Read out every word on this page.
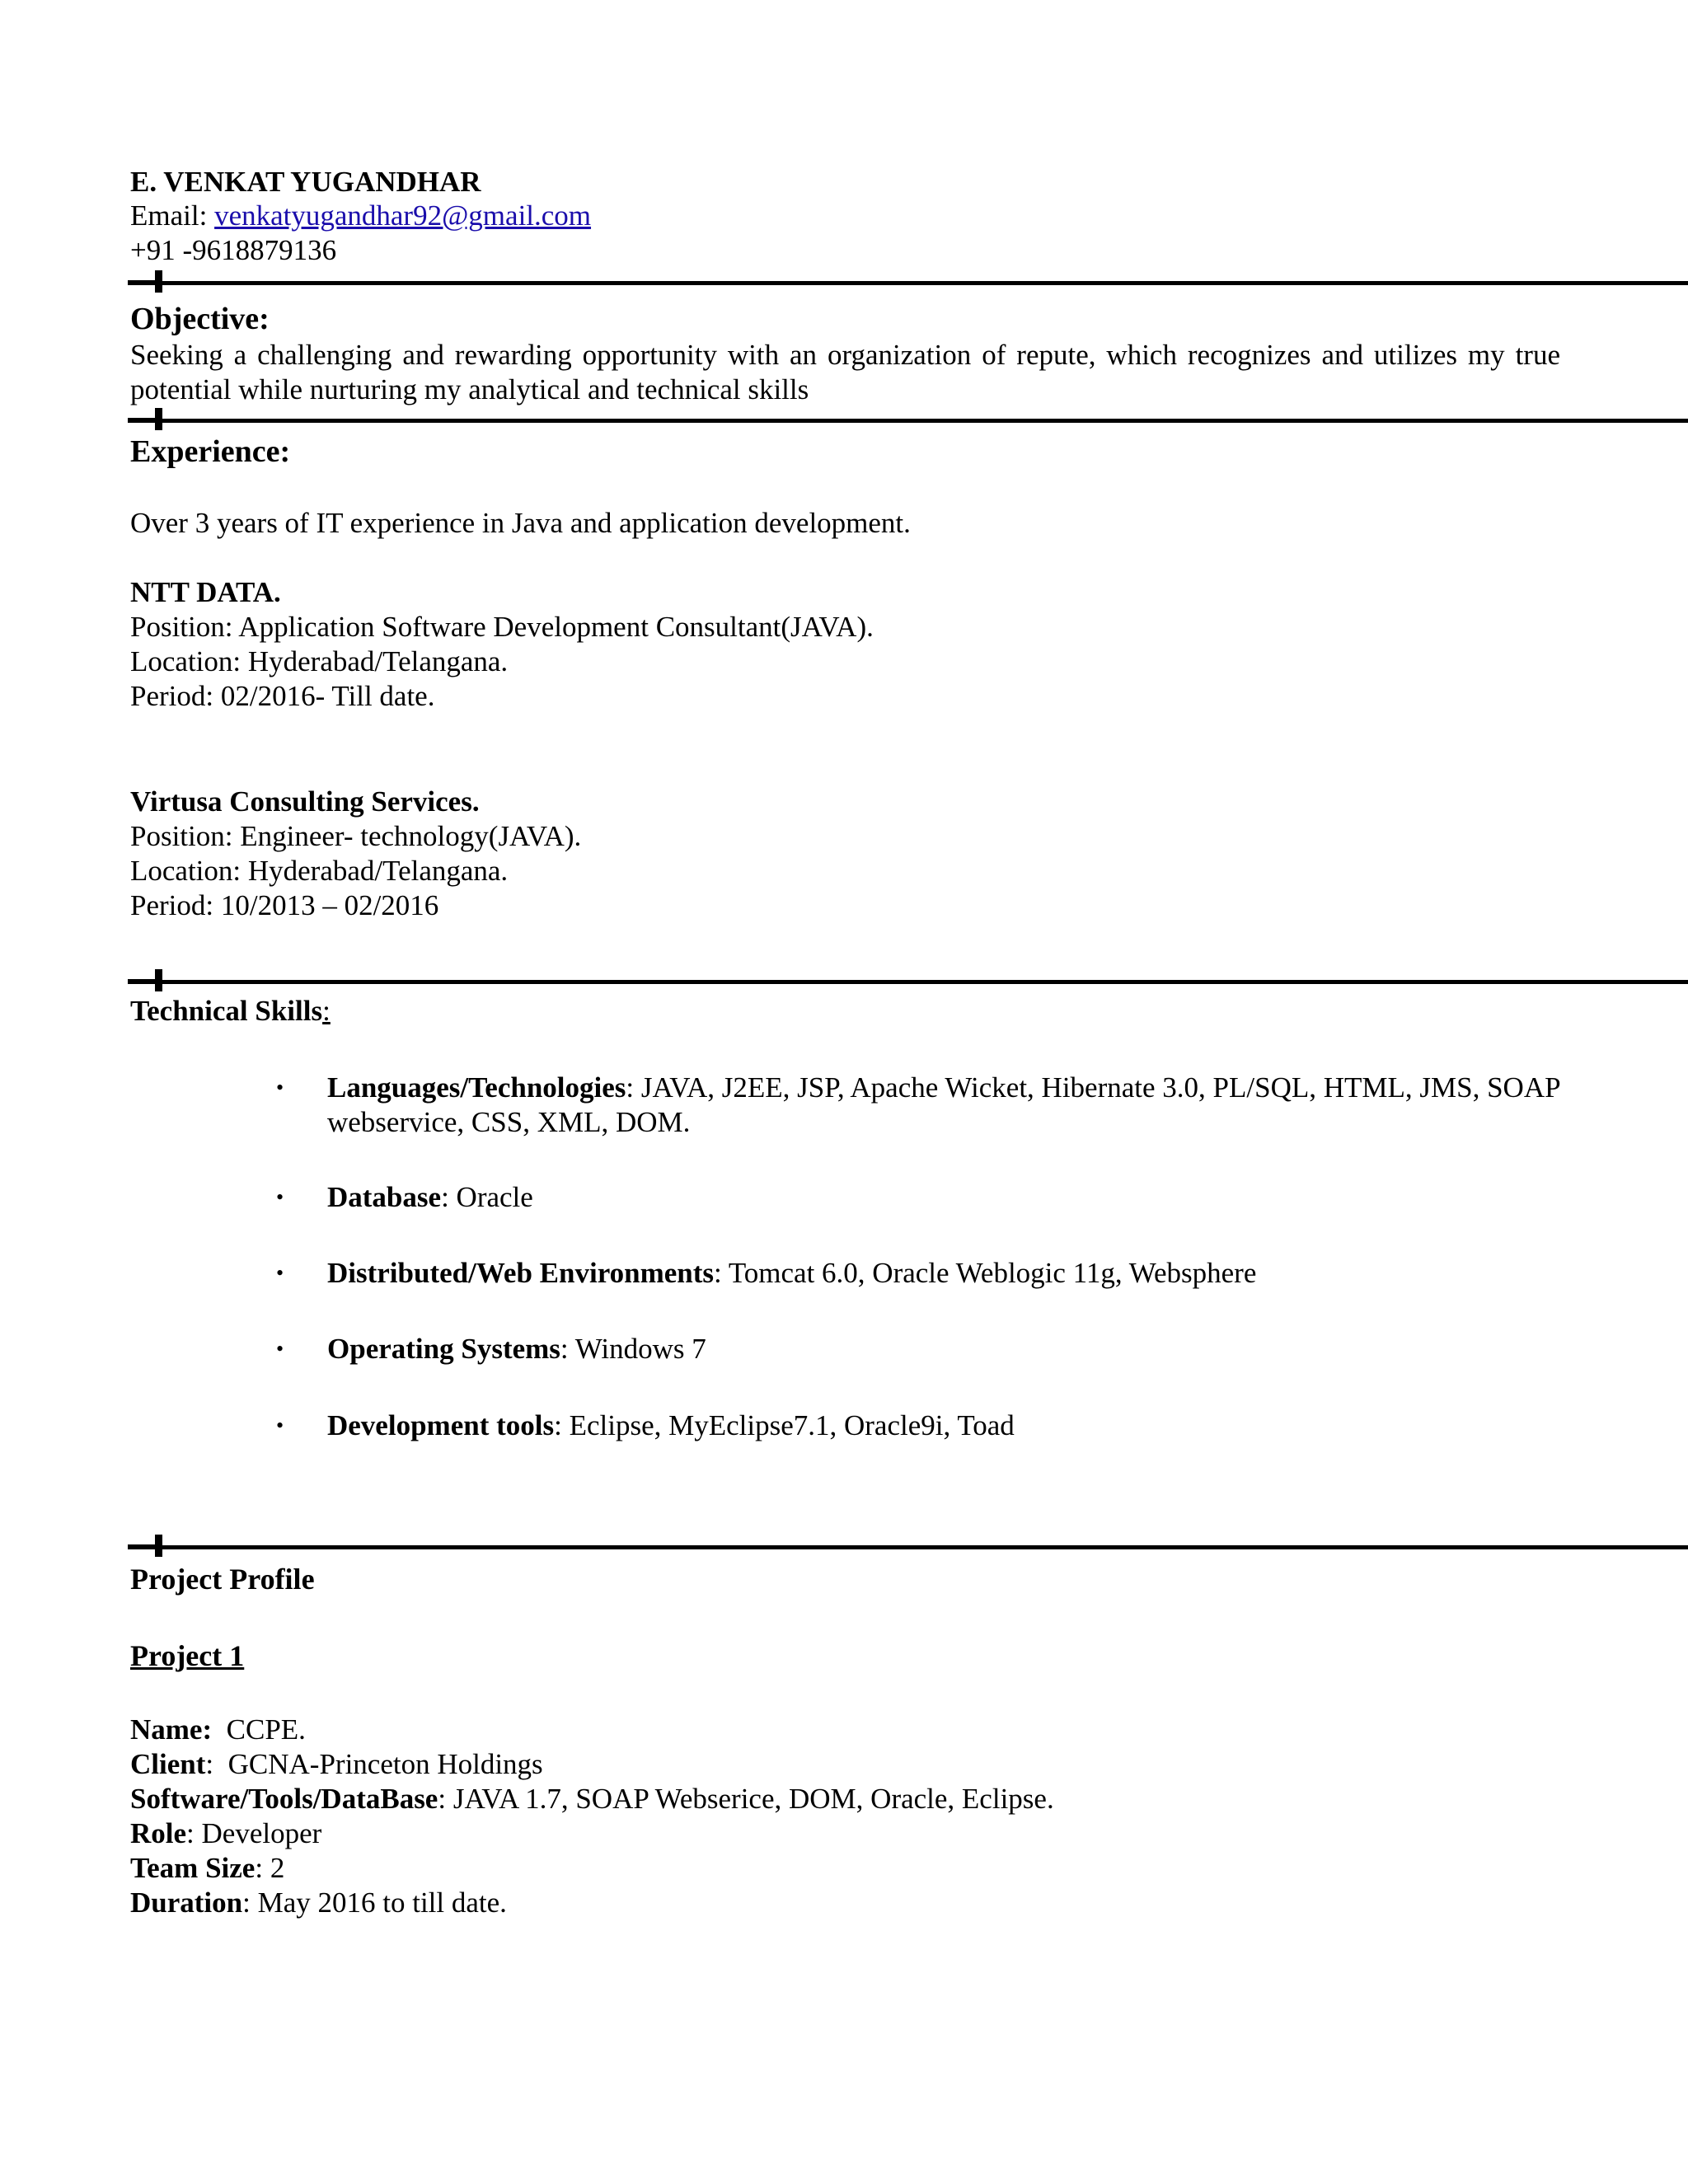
E. VENKAT YUGANDHAR
Email: venkatyugandhar92@gmail.com
+91 -9618879136
Objective:
Seeking a challenging and rewarding opportunity with an organization of repute, which recognizes and utilizes my true potential while nurturing my analytical and technical skills
Experience:
Over 3 years of IT experience in Java and application development.
NTT DATA.
Position: Application Software Development Consultant(JAVA).
Location: Hyderabad/Telangana.
Period: 02/2016- Till date.
Virtusa Consulting Services.
Position: Engineer- technology(JAVA).
Location: Hyderabad/Telangana.
Period: 10/2013 – 02/2016
Technical Skills:
• Languages/Technologies: JAVA, J2EE, JSP, Apache Wicket, Hibernate 3.0, PL/SQL, HTML, JMS, SOAP webservice, CSS, XML, DOM.
• Database: Oracle
• Distributed/Web Environments: Tomcat 6.0, Oracle Weblogic 11g, Websphere
• Operating Systems: Windows 7
• Development tools: Eclipse, MyEclipse7.1, Oracle9i, Toad
Project Profile
Project 1
Name:  CCPE.
Client:  GCNA-Princeton Holdings
Software/Tools/DataBase: JAVA 1.7, SOAP Webserice, DOM, Oracle, Eclipse.
Role: Developer
Team Size: 2
Duration: May 2016 to till date.
